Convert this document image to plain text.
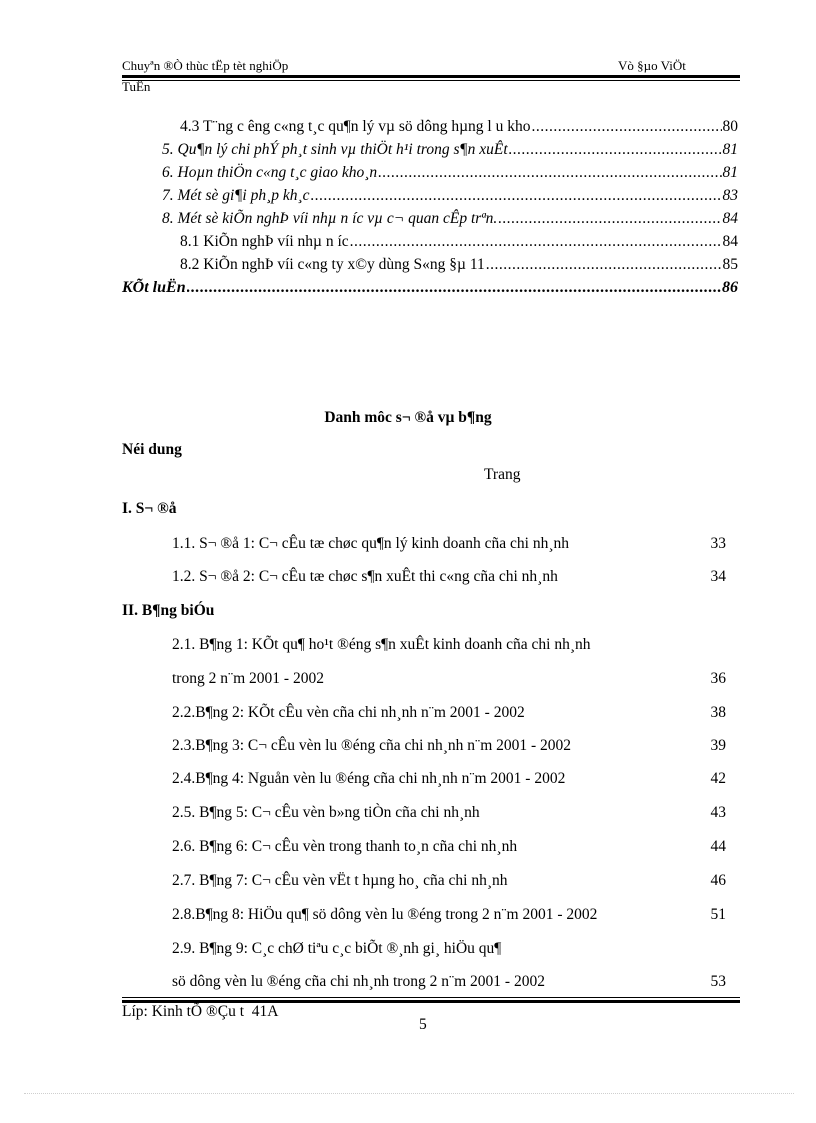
Chuyªn ®Ò thùc tËp tèt nghiÖp	Vò §µo ViÖt
TuÊn
4.3 T¨ng c êng c«ng t¸c qu¶n lý vµ sö dông hµng l u kho .....	80
5. Qu¶n lý chi phÝ ph¸t sinh vµ thiÖt h¹i trong s¶n xuÊt .....	81
6. Hoµn thiÖn c«ng t¸c giao kho¸n .....	81
7. Mét sè gi¶i ph¸p kh¸c .....	83
8. Mét sè kiÕn nghÞ víi nhµ n íc vµ c¬ quan cÊp trªn. .....	84
8.1 KiÕn nghÞ víi nhµ n íc .....	84
8.2 KiÕn nghÞ víi c«ng ty x©y dùng S«ng §µ 11 .....	85
KÕt luËn .....	86
Danh môc s¬ ®å vµ b¶ng
Néi dung
Trang
I. S¬ ®å
1.1. S¬ ®å 1: C¬ cÊu tæ chøc qu¶n lý kinh doanh cña chi nh¸nh	33
1.2. S¬ ®å 2: C¬ cÊu tæ chøc s¶n xuÊt thi c«ng cña chi nh¸nh	34
II. B¶ng biÓu
2.1. B¶ng 1: KÕt qu¶ ho¹t ®éng s¶n xuÊt kinh doanh cña chi nh¸nh
trong 2 n¨m 2001 - 2002	36
2.2.B¶ng 2: KÕt cÊu vèn cña chi nh¸nh n¨m 2001 - 2002	38
2.3.B¶ng 3: C¬ cÊu vèn lu ®éng cña chi nh¸nh n¨m 2001 - 2002	39
2.4.B¶ng 4: Nguån vèn lu ®éng cña chi nh¸nh n¨m 2001 - 2002	42
2.5. B¶ng 5: C¬ cÊu vèn b»ng tiÒn cña chi nh¸nh	43
2.6. B¶ng 6: C¬ cÊu vèn trong thanh to¸n cña chi nh¸nh	44
2.7. B¶ng 7: C¬ cÊu vèn vËt t hµng ho¸ cña chi nh¸nh	46
2.8.B¶ng 8: HiÖu qu¶ sö dông vèn lu ®éng trong 2 n¨m 2001 - 2002	51
2.9. B¶ng 9: C¸c chØ tiªu c¸c biÕt ®¸nh gi¸ hiÖu qu¶
sö dông vèn lu ®éng cña chi nh¸nh trong 2 n¨m 2001 - 2002	53
Líp: Kinh tÕ ®Çu t  41A
5
